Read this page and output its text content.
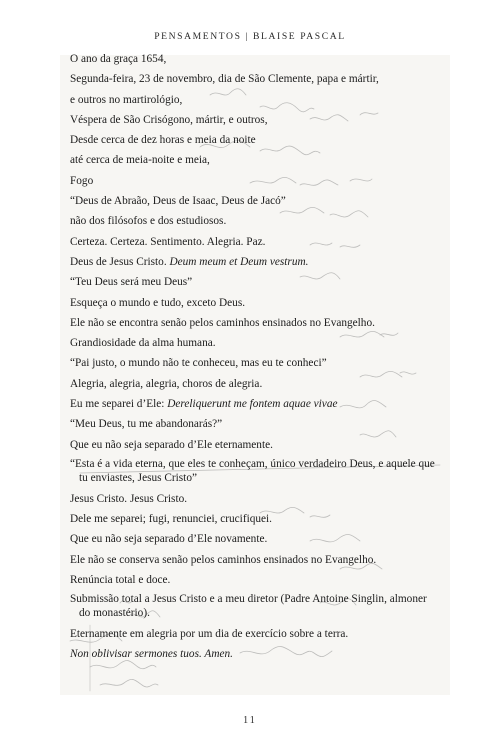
PENSAMENTOS | BLAISE PASCAL
O ano da graça 1654,
Segunda-feira, 23 de novembro, dia de São Clemente, papa e mártir,
e outros no martirológio,
Véspera de São Crisógono, mártir, e outros,
Desde cerca de dez horas e meia da noite
até cerca de meia-noite e meia,
Fogo
“Deus de Abraão, Deus de Isaac, Deus de Jacó”
não dos filósofos e dos estudiosos.
Certeza. Certeza. Sentimento. Alegria. Paz.
Deus de Jesus Cristo. Deum meum et Deum vestrum.
“Teu Deus será meu Deus”
Esqueça o mundo e tudo, exceto Deus.
Ele não se encontra senão pelos caminhos ensinados no Evangelho.
Grandiosidade da alma humana.
“Pai justo, o mundo não te conheceu, mas eu te conheci”
Alegria, alegria, alegria, choros de alegria.
Eu me separei d’Ele: Dereliquerunt me fontem aquae vivae
“Meu Deus, tu me abandonarás?”
Que eu não seja separado d’Ele eternamente.
“Esta é a vida eterna, que eles te conheçam, único verdadeiro Deus, e aquele que
tu enviastes, Jesus Cristo”
Jesus Cristo. Jesus Cristo.
Dele me separei; fugi, renunciei, crucifiquei.
Que eu não seja separado d’Ele novamente.
Ele não se conserva senão pelos caminhos ensinados no Evangelho.
Renúncia total e doce.
Submissão total a Jesus Cristo e a meu diretor (Padre Antoine Singlin, almoner
do monastério).
Eternamente em alegria por um dia de exercício sobre a terra.
Non oblivisar sermones tuos. Amen.
11
